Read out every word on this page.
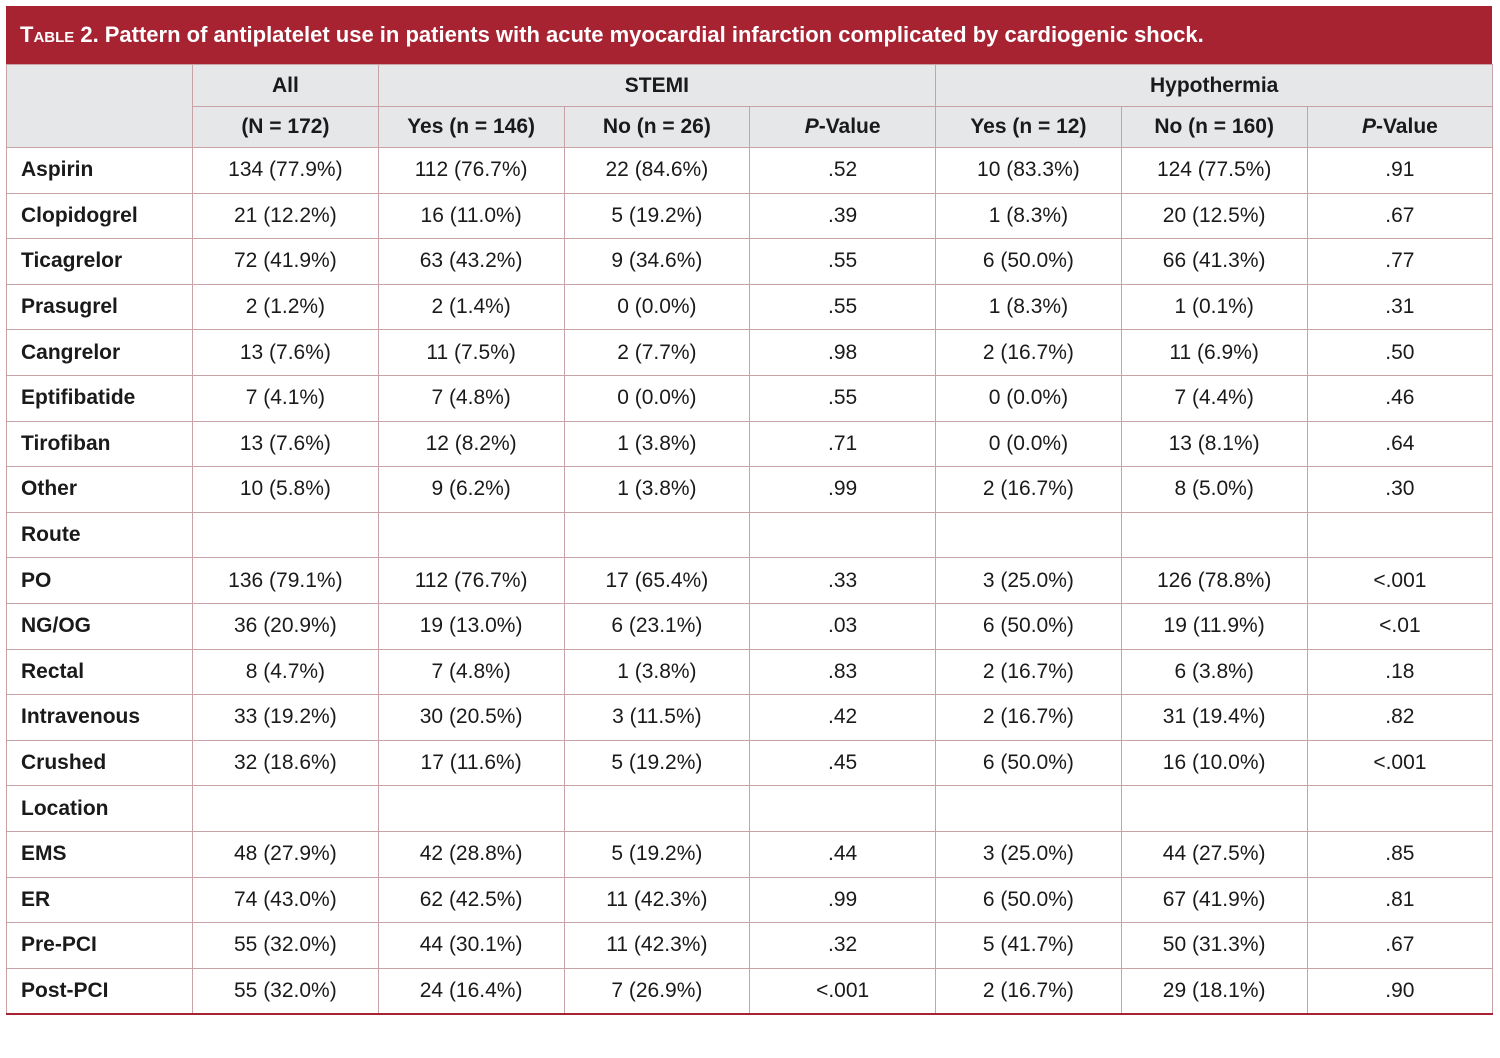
Table 2. Pattern of antiplatelet use in patients with acute myocardial infarction complicated by cardiogenic shock.
	All	STEMI			Hypothermia		
	(N = 172)	Yes (n = 146)	No (n = 26)	P-Value	Yes (n = 12)	No (n = 160)	P-Value
Aspirin	134 (77.9%)	112 (76.7%)	22 (84.6%)	.52	10 (83.3%)	124 (77.5%)	.91
Clopidogrel	21 (12.2%)	16 (11.0%)	5 (19.2%)	.39	1 (8.3%)	20 (12.5%)	.67
Ticagrelor	72 (41.9%)	63 (43.2%)	9 (34.6%)	.55	6 (50.0%)	66 (41.3%)	.77
Prasugrel	2 (1.2%)	2 (1.4%)	0 (0.0%)	.55	1 (8.3%)	1 (0.1%)	.31
Cangrelor	13 (7.6%)	11 (7.5%)	2 (7.7%)	.98	2 (16.7%)	11 (6.9%)	.50
Eptifibatide	7 (4.1%)	7 (4.8%)	0 (0.0%)	.55	0 (0.0%)	7 (4.4%)	.46
Tirofiban	13 (7.6%)	12 (8.2%)	1 (3.8%)	.71	0 (0.0%)	13 (8.1%)	.64
Other	10 (5.8%)	9 (6.2%)	1 (3.8%)	.99	2 (16.7%)	8 (5.0%)	.30
Route							
PO	136 (79.1%)	112 (76.7%)	17 (65.4%)	.33	3 (25.0%)	126 (78.8%)	<.001
NG/OG	36 (20.9%)	19 (13.0%)	6 (23.1%)	.03	6 (50.0%)	19 (11.9%)	<.01
Rectal	8 (4.7%)	7 (4.8%)	1 (3.8%)	.83	2 (16.7%)	6 (3.8%)	.18
Intravenous	33 (19.2%)	30 (20.5%)	3 (11.5%)	.42	2 (16.7%)	31 (19.4%)	.82
Crushed	32 (18.6%)	17 (11.6%)	5 (19.2%)	.45	6 (50.0%)	16 (10.0%)	<.001
Location							
EMS	48 (27.9%)	42 (28.8%)	5 (19.2%)	.44	3 (25.0%)	44 (27.5%)	.85
ER	74 (43.0%)	62 (42.5%)	11 (42.3%)	.99	6 (50.0%)	67 (41.9%)	.81
Pre-PCI	55 (32.0%)	44 (30.1%)	11 (42.3%)	.32	5 (41.7%)	50 (31.3%)	.67
Post-PCI	55 (32.0%)	24 (16.4%)	7 (26.9%)	<.001	2 (16.7%)	29 (18.1%)	.90
